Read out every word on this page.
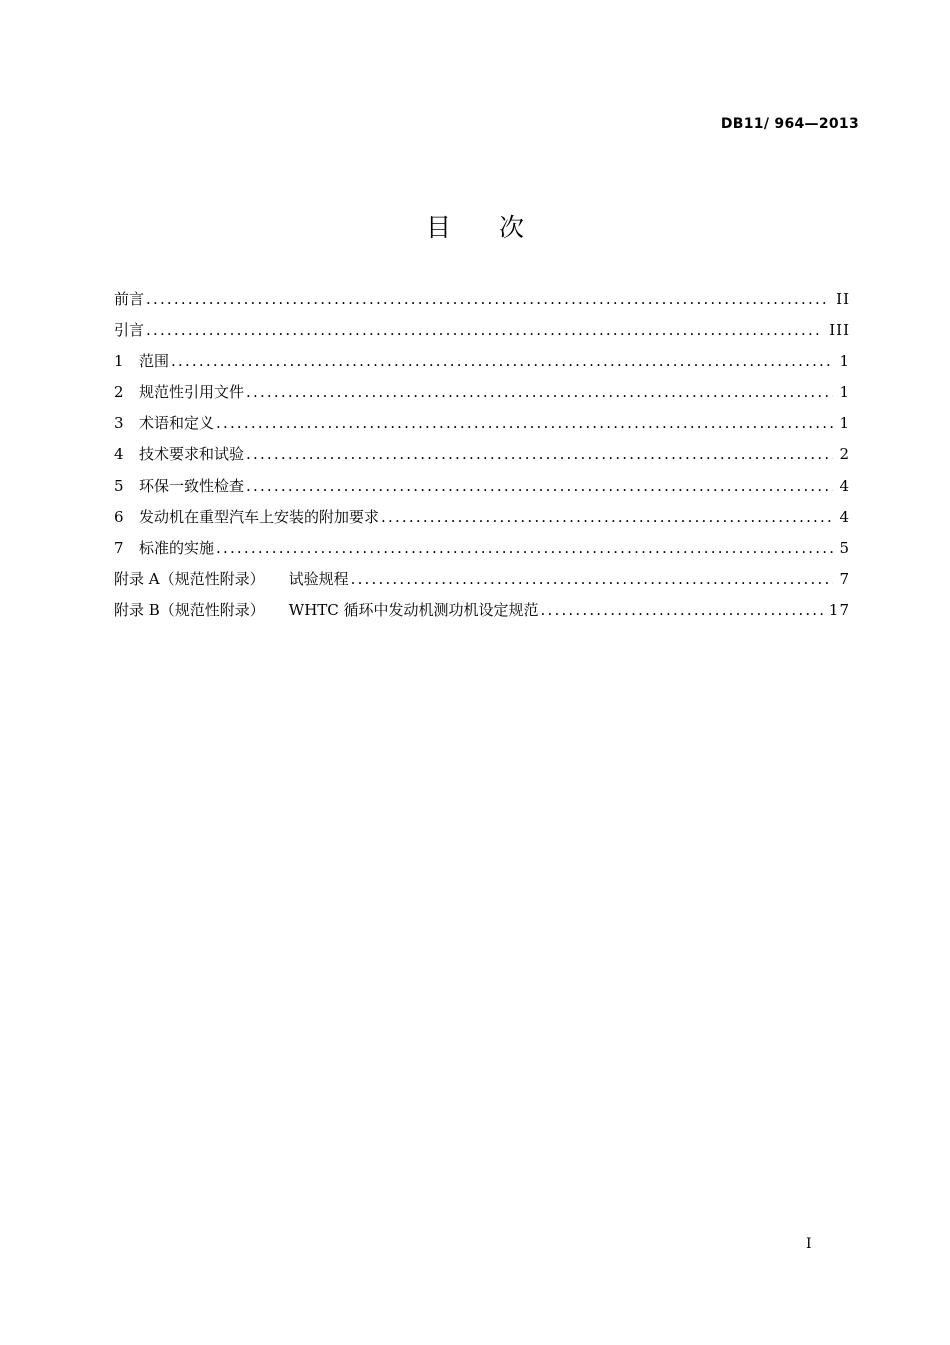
DB11/ 964—2013
目 次
前言 .....	II
引言 .....	III
1	范围 .....	1
2	规范性引用文件 .....	1
3	术语和定义 .....	1
4	技术要求和试验 .....	2
5	环保一致性检查 .....	4
6	发动机在重型汽车上安装的附加要求 .....	4
7	标准的实施 .....	5
附录 A（规范性附录） 试验规程 .....	7
附录 B（规范性附录） WHTC 循环中发动机测功机设定规范 .....	17
I
